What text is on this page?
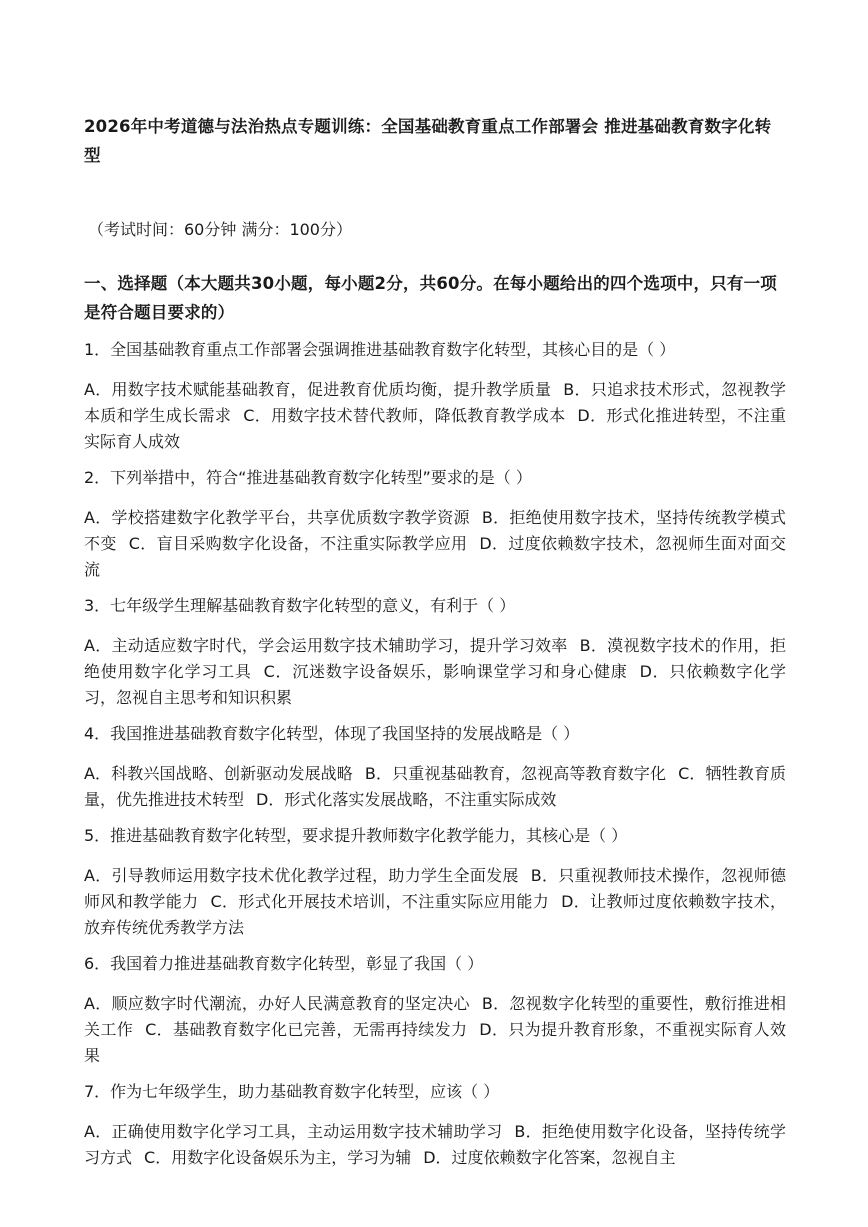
2026年中考道德与法治热点专题训练：全国基础教育重点工作部署会 推进基础教育数字化转型

（考试时间：60分钟 满分：100分）

一、选择题（本大题共30小题，每小题2分，共60分。在每小题给出的四个选项中，只有一项是符合题目要求的）

1．全国基础教育重点工作部署会强调推进基础教育数字化转型，其核心目的是（ ）

A．用数字技术赋能基础教育，促进教育优质均衡，提升教学质量 B．只追求技术形式，忽视教学本质和学生成长需求 C．用数字技术替代教师，降低教育教学成本 D．形式化推进转型，不注重实际育人成效

2．下列举措中，符合“推进基础教育数字化转型”要求的是（ ）

A．学校搭建数字化教学平台，共享优质数字教学资源 B．拒绝使用数字技术，坚持传统教学模式不变 C．盲目采购数字化设备，不注重实际教学应用 D．过度依赖数字技术，忽视师生面对面交流

3．七年级学生理解基础教育数字化转型的意义，有利于（ ）

A．主动适应数字时代，学会运用数字技术辅助学习，提升学习效率 B．漠视数字技术的作用，拒绝使用数字化学习工具 C．沉迷数字设备娱乐，影响课堂学习和身心健康 D．只依赖数字化学习，忽视自主思考和知识积累

4．我国推进基础教育数字化转型，体现了我国坚持的发展战略是（ ）

A．科教兴国战略、创新驱动发展战略 B．只重视基础教育，忽视高等教育数字化 C．牺牲教育质量，优先推进技术转型 D．形式化落实发展战略，不注重实际成效

5．推进基础教育数字化转型，要求提升教师数字化教学能力，其核心是（ ）

A．引导教师运用数字技术优化教学过程，助力学生全面发展 B．只重视教师技术操作，忽视师德师风和教学能力 C．形式化开展技术培训，不注重实际应用能力 D．让教师过度依赖数字技术，放弃传统优秀教学方法

6．我国着力推进基础教育数字化转型，彰显了我国（ ）

A．顺应数字时代潮流，办好人民满意教育的坚定决心 B．忽视数字化转型的重要性，敷衍推进相关工作 C．基础教育数字化已完善，无需再持续发力 D．只为提升教育形象，不重视实际育人效果

7．作为七年级学生，助力基础教育数字化转型，应该（ ）

A．正确使用数字化学习工具，主动运用数字技术辅助学习 B．拒绝使用数字化设备，坚持传统学习方式 C．用数字化设备娱乐为主，学习为辅 D．过度依赖数字化答案，忽视自主
